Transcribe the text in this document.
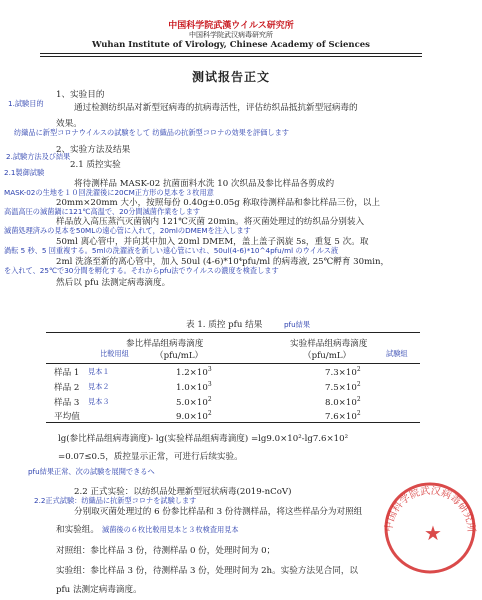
中国科学院武漢ウイルス研究所
中国科学院武汉病毒研究所
Wuhan Institute of Virology, Chinese Academy of Sciences
测试报告正文
1、实验目的
1.試験目的	通过检测纺织品对新型冠病毒的抗病毒活性，评估纺织品抵抗新型冠病毒的
效果。
纺織品に新型コロナウイルスの試験をして 纺織品の抗新型コロナの効果を評価します
2、实验方法及结果
2.試験方法及び結果
2.1 质控实验
2.1製御試験
将待测样品 MASK-02 抗菌面料水洗 10 次织品及参比样品各剪成约
MASK-02の生地を１０回洗濯後に20CM正方形の見本を３枚用意
20mm×20mm 大小，按照每份 0.40g±0.05g 称取待测样品和参比样品三份，以上
高温高圧の滅菌鍋に121℃高温で、20分間滅菌作業をします
样品放入高压蒸汽灭菌锅内 121℃灭菌 20min。将灭菌处理过的纺织品分别装入
滅菌処理済みの見本を50MLの遠心管に入れて，20mlのDMEMを注入します
50ml 离心管中，并向其中加入 20ml DMEM，盖上盖子涡旋 5s，重复 5 次。取
渦転 5 秒、5 回重複する。5mlの洗濯液を新しい遠心管にいれ、50ul(4-6)*10^4pfu/ml のウイルス液
2ml 洗涤至新的离心管中，加入 50ul (4-6)*10⁴pfu/ml 的病毒液, 25℃孵育 30min，
を入れて、25℃で30分間を孵化する。それからpfu法でウイルスの濃度を検査します
然后以 pfu 法测定病毒滴度。
表 1. 质控 pfu 结果	pfu結果
参比样品组病毒滴度
比較用組	（pfu/mL）
实验样品组病毒滴度
（pfu/mL）	試験組
样品 1 見本１	$1.2\times 10^3$	$7.3\times 10^2$
样品 2 見本２	$1.0\times 10^3$	$7.5\times 10^2$
样品 3 見本３	$5.0\times 10^2$	$8.0\times 10^2$
平均值	$9.0\times 10^2$	$7.6\times 10^2$
lg(参比样品组病毒滴度)- lg(实验样品组病毒滴度) =lg9.0×10²-lg7.6×10²
=0.07≤0.5，质控显示正常，可进行后续实验。
pfu結果正常、次の試験を展開できるへ
2.2 正式实验：以纺织品处理新型冠状病毒(2019-nCoV)
2.2正式試験：纺織品に抗新型コロナを試験します
分别取灭菌处理过的 6 份参比样品和 3 份待测样品，将这些样品分为对照组
和实验组。 滅菌後の６枚比較用見本と３枚検査用見本
对照组：参比样品 3 份，待测样品 0 份，处理时间为 0；
实验组：参比样品 3 份，待测样品 3 份，处理时间为 2h。实验方法见合同，以
pfu 法测定病毒滴度。
中国科学院武汉病毒研究所
★
